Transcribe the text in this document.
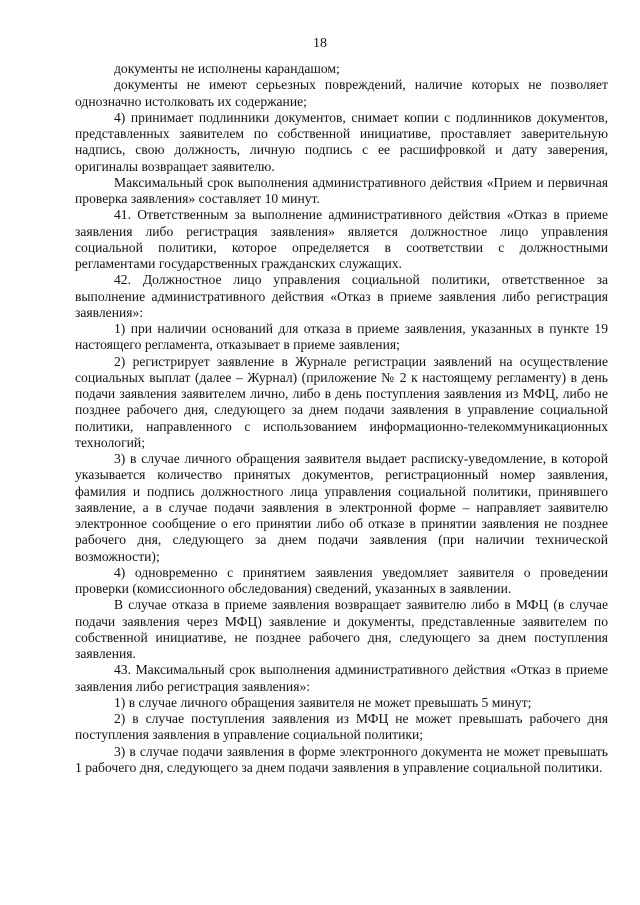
18

документы не исполнены карандашом;

документы не имеют серьезных повреждений, наличие которых не позволяет однозначно истолковать их содержание;

4) принимает подлинники документов, снимает копии с подлинников документов, представленных заявителем по собственной инициативе, проставляет заверительную надпись, свою должность, личную подпись с ее расшифровкой и дату заверения, оригиналы возвращает заявителю.

Максимальный срок выполнения административного действия «Прием и первичная проверка заявления» составляет 10 минут.

41. Ответственным за выполнение административного действия «Отказ в приеме заявления либо регистрация заявления» является должностное лицо управления социальной политики, которое определяется в соответствии с должностными регламентами государственных гражданских служащих.

42. Должностное лицо управления социальной политики, ответственное за выполнение административного действия «Отказ в приеме заявления либо регистрация заявления»:

1) при наличии оснований для отказа в приеме заявления, указанных в пункте 19 настоящего регламента, отказывает в приеме заявления;

2) регистрирует заявление в Журнале регистрации заявлений на осуществление социальных выплат (далее – Журнал) (приложение № 2 к настоящему регламенту) в день подачи заявления заявителем лично, либо в день поступления заявления из МФЦ, либо не позднее рабочего дня, следующего за днем подачи заявления в управление социальной политики, направленного с использованием информационно-телекоммуникационных технологий;

3) в случае личного обращения заявителя выдает расписку-уведомление, в которой указывается количество принятых документов, регистрационный номер заявления, фамилия и подпись должностного лица управления социальной политики, принявшего заявление, а в случае подачи заявления в электронной форме – направляет заявителю электронное сообщение о его принятии либо об отказе в принятии заявления не позднее рабочего дня, следующего за днем подачи заявления (при наличии технической возможности);

4) одновременно с принятием заявления уведомляет заявителя о проведении проверки (комиссионного обследования) сведений, указанных в заявлении.

В случае отказа в приеме заявления возвращает заявителю либо в МФЦ (в случае подачи заявления через МФЦ) заявление и документы, представленные заявителем по собственной инициативе, не позднее рабочего дня, следующего за днем поступления заявления.

43. Максимальный срок выполнения административного действия «Отказ в приеме заявления либо регистрация заявления»:

1) в случае личного обращения заявителя не может превышать 5 минут;

2) в случае поступления заявления из МФЦ не может превышать рабочего дня поступления заявления в управление социальной политики;

3) в случае подачи заявления в форме электронного документа не может превышать 1 рабочего дня, следующего за днем подачи заявления в управление социальной политики.
